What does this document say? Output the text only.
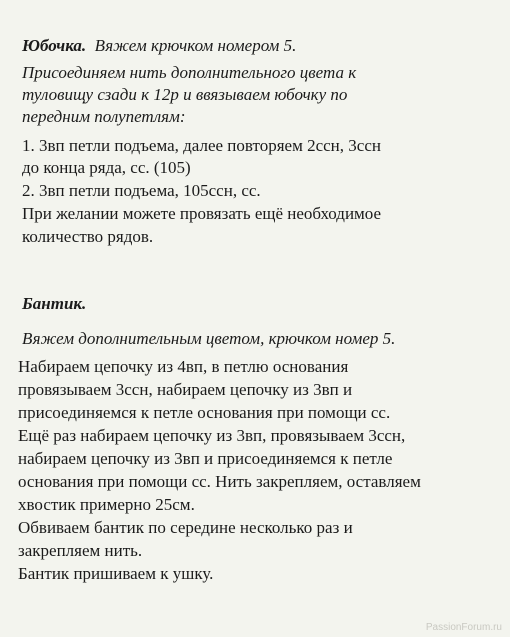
Юбочка. Вяжем крючком номером 5.
Присоединяем нить дополнительного цвета к
туловищу сзади к 12р и ввязываем юбочку по
передним полупетлям:
1. 3вп петли подъема, далее повторяем 2ссн, 3ссн
до конца ряда, сс. (105)
2. 3вп петли подъема, 105ссн, сс.
При желании можете провязать ещё необходимое
количество рядов.
Бантик.
Вяжем дополнительным цветом, крючком номер 5.
Набираем цепочку из 4вп, в петлю основания
провязываем 3ссн, набираем цепочку из 3вп и
присоединяемся к петле основания при помощи сс.
Ещё раз набираем цепочку из 3вп, провязываем 3ссн,
набираем цепочку из 3вп и присоединяемся к петле
основания при помощи сс. Нить закрепляем, оставляем
хвостик примерно 25см.
Обвиваем бантик по середине несколько раз и
закрепляем нить.
Бантик пришиваем к ушку.
PassionForum.ru
